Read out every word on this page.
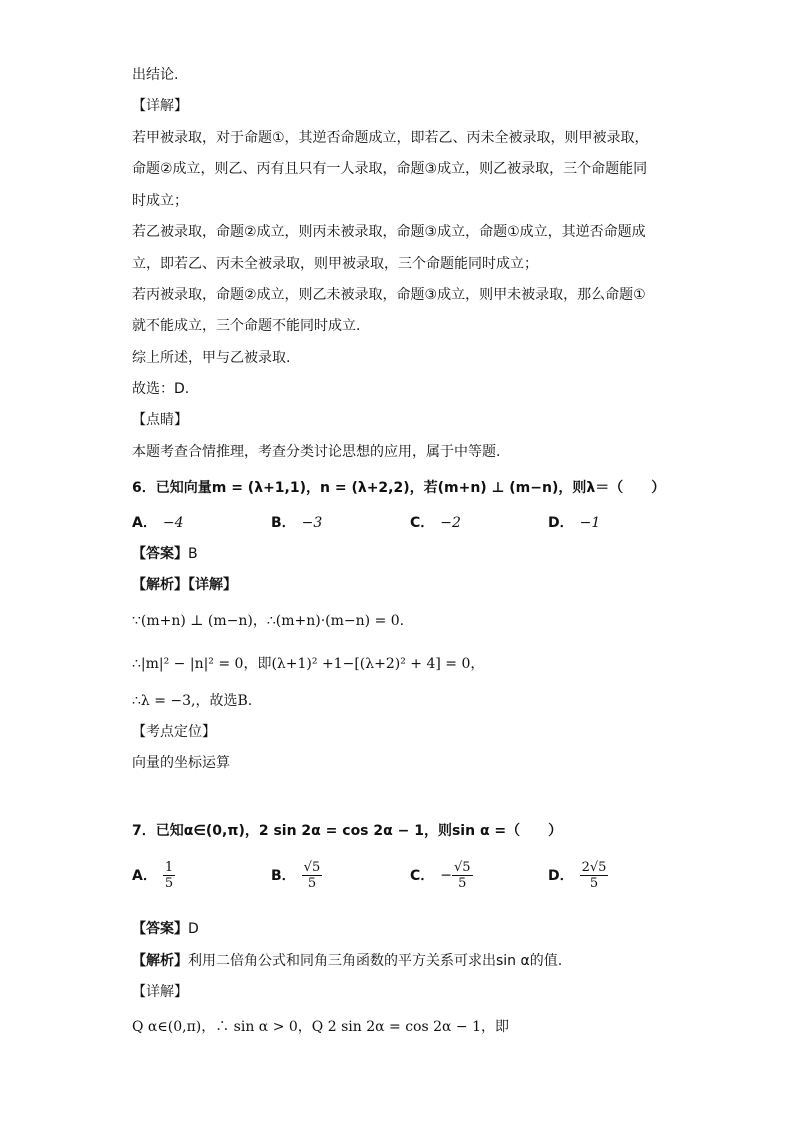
出结论.
【详解】
若甲被录取，对于命题①，其逆否命题成立，即若乙、丙未全被录取，则甲被录取，
命题②成立，则乙、丙有且只有一人录取，命题③成立，则乙被录取，三个命题能同
时成立；
若乙被录取，命题②成立，则丙未被录取，命题③成立，命题①成立，其逆否命题成
立，即若乙、丙未全被录取，则甲被录取，三个命题能同时成立；
若丙被录取，命题②成立，则乙未被录取，命题③成立，则甲未被录取，那么命题①
就不能成立，三个命题不能同时成立.
综上所述，甲与乙被录取.
故选：D.
【点睛】
本题考查合情推理，考查分类讨论思想的应用，属于中等题.
6．已知向量m = (λ+1,1)，n = (λ+2,2)，若(m+n) ⊥ (m−n)，则λ＝（　　）
A． −4	B． −3	C． −2	D． −1
【答案】B
【解析】【详解】
∵(m+n) ⊥ (m−n)，∴(m+n)·(m−n) = 0.
∴|m|² − |n|² = 0，即(λ+1)² +1−[(λ+2)² + 4] = 0，
∴λ = −3,，故选B.
【考点定位】
向量的坐标运算
7．已知α∈(0,π)，2 sin 2α = cos 2α − 1，则sin α =（　　）
A． $\frac{1}{5}$	B． $\frac{√5}{5}$	C． − $\frac{√5}{5}$	D． $\frac{2√5}{5}$
【答案】D
【解析】利用二倍角公式和同角三角函数的平方关系可求出sin α的值.
【详解】
Q α∈(0,π)，∴ sin α > 0，Q 2 sin 2α = cos 2α − 1，即
